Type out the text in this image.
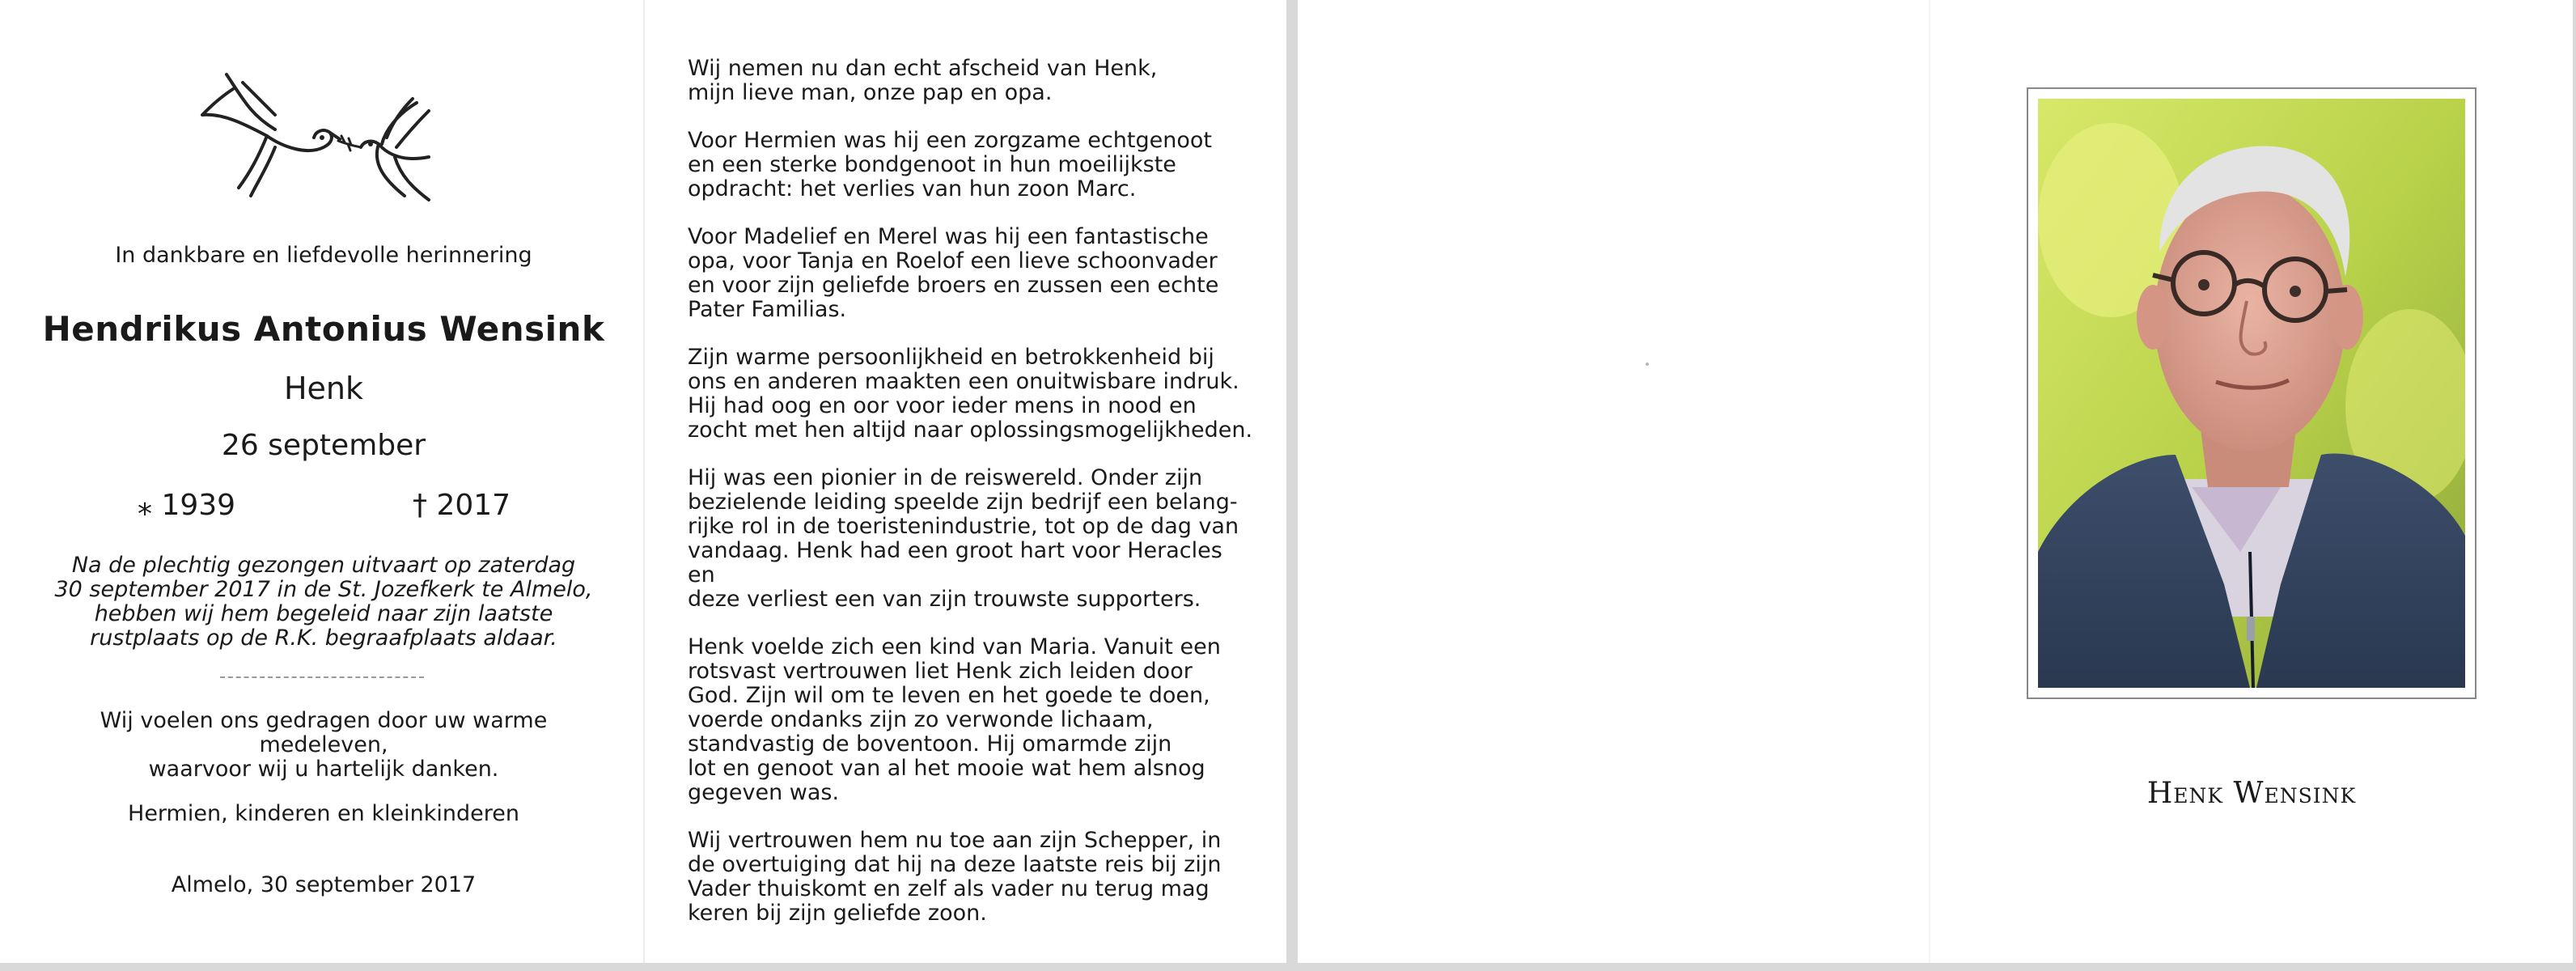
In dankbare en liefdevolle herinnering
Hendrikus Antonius Wensink
Henk
26 september
⁎ 1939	† 2017
Na de plechtig gezongen uitvaart op zaterdag
30 september 2017 in de St. Jozefkerk te Almelo,
hebben wij hem begeleid naar zijn laatste
rustplaats op de R.K. begraafplaats aldaar.
Wij voelen ons gedragen door uw warme medeleven,
waarvoor wij u hartelijk danken.
Hermien, kinderen en kleinkinderen
Almelo, 30 september 2017

Wij nemen nu dan echt afscheid van Henk,
mijn lieve man, onze pap en opa.

Voor Hermien was hij een zorgzame echtgenoot
en een sterke bondgenoot in hun moeilijkste
opdracht: het verlies van hun zoon Marc.

Voor Madelief en Merel was hij een fantastische
opa, voor Tanja en Roelof een lieve schoonvader
en voor zijn geliefde broers en zussen een echte
Pater Familias.

Zijn warme persoonlijkheid en betrokkenheid bij
ons en anderen maakten een onuitwisbare indruk.
Hij had oog en oor voor ieder mens in nood en
zocht met hen altijd naar oplossingsmogelijkheden.

Hij was een pionier in de reiswereld. Onder zijn
bezielende leiding speelde zijn bedrijf een belang-
rijke rol in de toeristenindustrie, tot op de dag van
vandaag. Henk had een groot hart voor Heracles en
deze verliest een van zijn trouwste supporters.

Henk voelde zich een kind van Maria. Vanuit een
rotsvast vertrouwen liet Henk zich leiden door
God. Zijn wil om te leven en het goede te doen,
voerde ondanks zijn zo verwonde lichaam,
standvastig de boventoon. Hij omarmde zijn
lot en genoot van al het mooie wat hem alsnog
gegeven was.

Wij vertrouwen hem nu toe aan zijn Schepper, in
de overtuiging dat hij na deze laatste reis bij zijn
Vader thuiskomt en zelf als vader nu terug mag
keren bij zijn geliefde zoon.

Henk Wensink
